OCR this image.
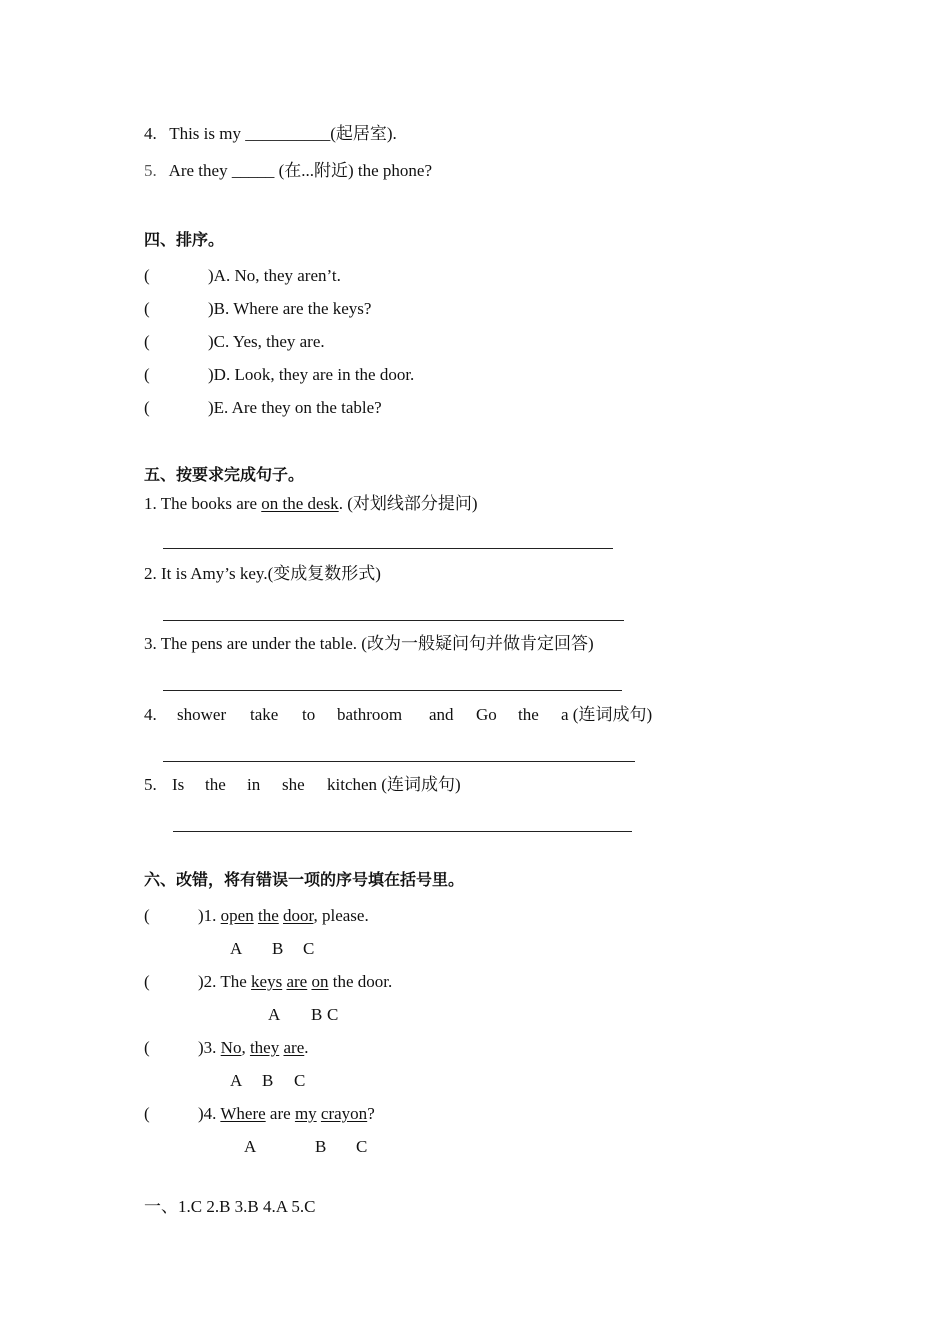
4. This is my __________(起居室).
5. Are they _____ (在...附近) the phone?
四、排序。
(	)A. No, they aren’t.
(	)B. Where are the keys?
(	)C. Yes, they are.
(	)D. Look, they are in the door.
(	)E. Are they on the table?
五、按要求完成句子。
1. The books are on the desk. (对划线部分提问)
2. It is Amy’s key.(变成复数形式)
3. The pens are under the table. (改为一般疑问句并做肯定回答)
4. shower take to bathroom and Go the a (连词成句)
5. Is the in she kitchen (连词成句)
六、改错，将有错误一项的序号填在括号里。
(	)1. open the door, please.
A B C
(	)2. The keys are on the door.
A B C
(	)3. No, they are.
A B C
(	)4. Where are my crayon?
A	B C
一、1.C 2.B 3.B 4.A 5.C
